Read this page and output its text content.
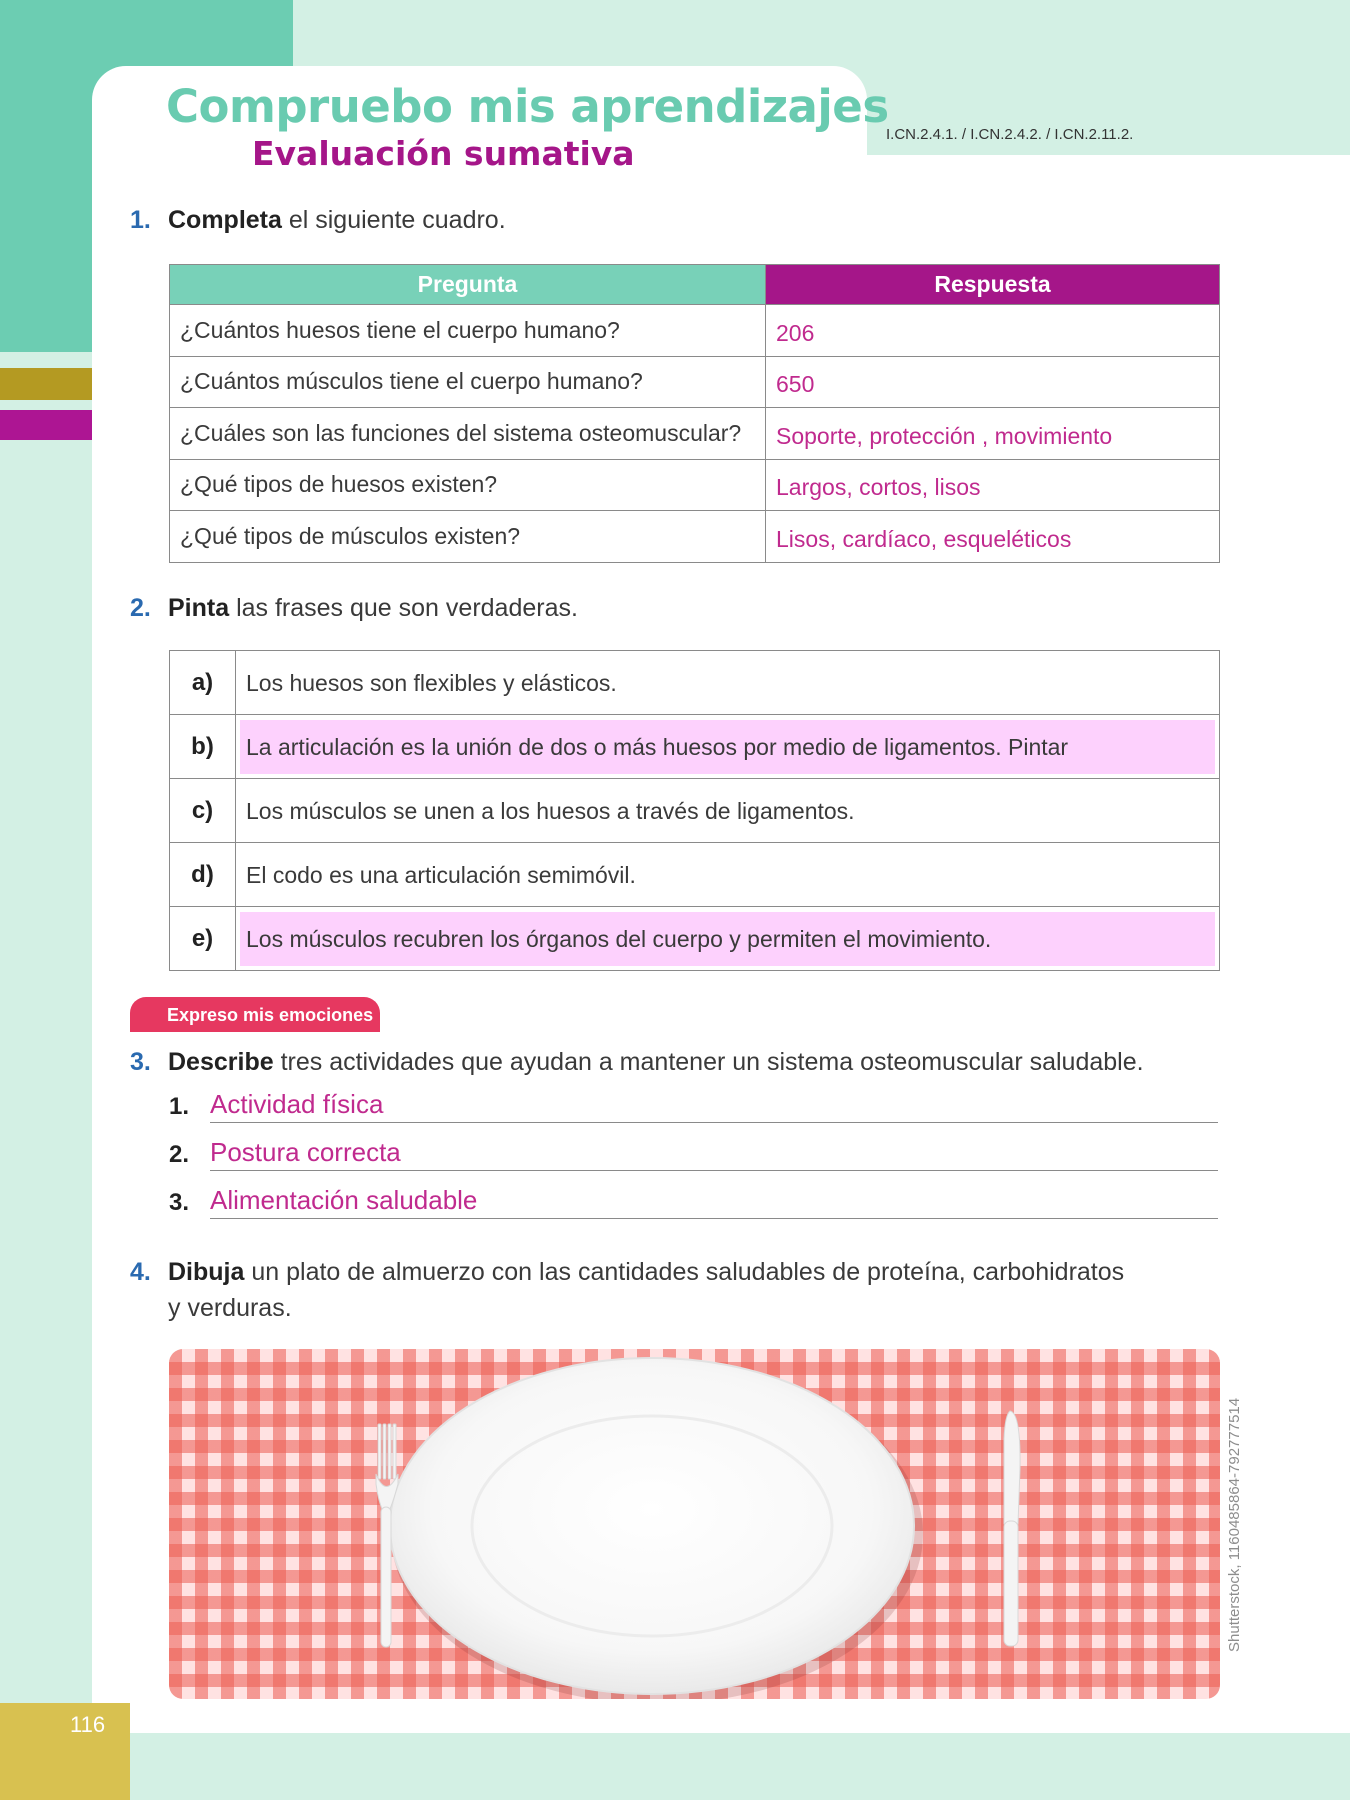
116
Compruebo mis aprendizajes
Evaluación sumativa	I.CN.2.4.1. / I.CN.2.4.2. / I.CN.2.11.2.
1. Completa el siguiente cuadro.
Pregunta	Respuesta
¿Cuántos huesos tiene el cuerpo humano?	206
¿Cuántos músculos tiene el cuerpo humano?	650
¿Cuáles son las funciones del sistema osteomuscular?	Soporte, protección , movimiento
¿Qué tipos de huesos existen?	Largos, cortos, lisos
¿Qué tipos de músculos existen?	Lisos, cardíaco, esqueléticos
2. Pinta las frases que son verdaderas.
a)	Los huesos son flexibles y elásticos.

b)	La articulación es la unión de dos o más huesos por medio de ligamentos. Pintar

c)	Los músculos se unen a los huesos a través de ligamentos.

d)	El codo es una articulación semimóvil.

e)	Los músculos recubren los órganos del cuerpo y permiten el movimiento.
Expreso mis emociones
3. Describe tres actividades que ayudan a mantener un sistema osteomuscular saludable.
1. Actividad física
2. Postura correcta
3. Alimentación saludable
4. Dibuja un plato de almuerzo con las cantidades saludables de proteína, carbohidratos
y verduras.
Shutterstock, 1160485864-792777514
